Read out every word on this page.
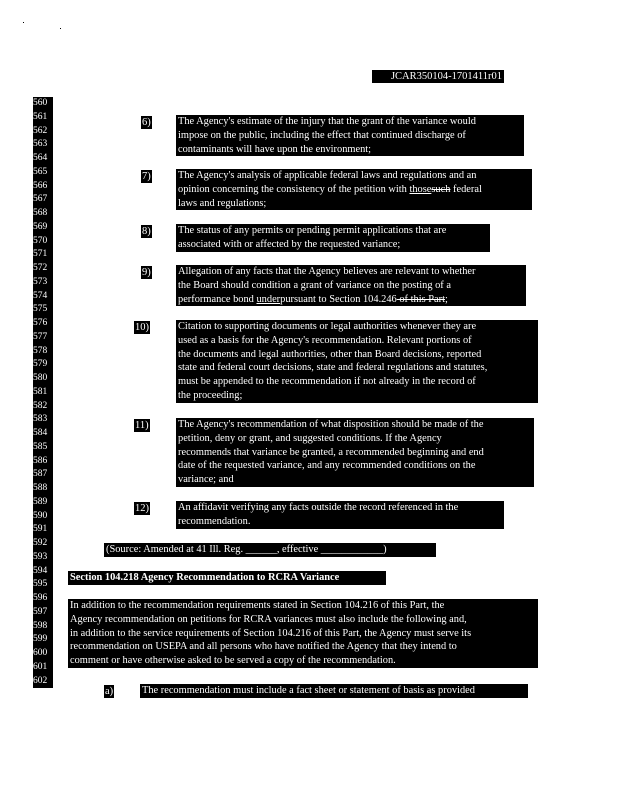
JCAR350104-1701411r01
560
561
562
563
564
565
566
567
568
569
570
571
572
573
574
575
576
577
578
579
580
581
582
583
584
585
586
587
588
589
590
591
592
593
594
595
596
597
598
599
600
601
602
6)	The Agency's estimate of the injury that the grant of the variance would
impose on the public, including the effect that continued discharge of
contaminants will have upon the environment;
7)	The Agency's analysis of applicable federal laws and regulations and an
opinion concerning the consistency of the petition with thosesuch federal
laws and regulations;
8)	The status of any permits or pending permit applications that are
associated with or affected by the requested variance;
9)	Allegation of any facts that the Agency believes are relevant to whether
the Board should condition a grant of variance on the posting of a
performance bond underpursuant to Section 104.246 of this Part;
10)	Citation to supporting documents or legal authorities whenever they are
used as a basis for the Agency's recommendation. Relevant portions of
the documents and legal authorities, other than Board decisions, reported
state and federal court decisions, state and federal regulations and statutes,
must be appended to the recommendation if not already in the record of
the proceeding;
11)	The Agency's recommendation of what disposition should be made of the
petition, deny or grant, and suggested conditions. If the Agency
recommends that variance be granted, a recommended beginning and end
date of the requested variance, and any recommended conditions on the
variance; and
12)	An affidavit verifying any facts outside the record referenced in the
recommendation.
(Source: Amended at 41 Ill. Reg. ______, effective ____________)
Section 104.218 Agency Recommendation to RCRA Variance
In addition to the recommendation requirements stated in Section 104.216 of this Part, the
Agency recommendation on petitions for RCRA variances must also include the following and,
in addition to the service requirements of Section 104.216 of this Part, the Agency must serve its
recommendation on USEPA and all persons who have notified the Agency that they intend to
comment or have otherwise asked to be served a copy of the recommendation.
a)	The recommendation must include a fact sheet or statement of basis as provided
